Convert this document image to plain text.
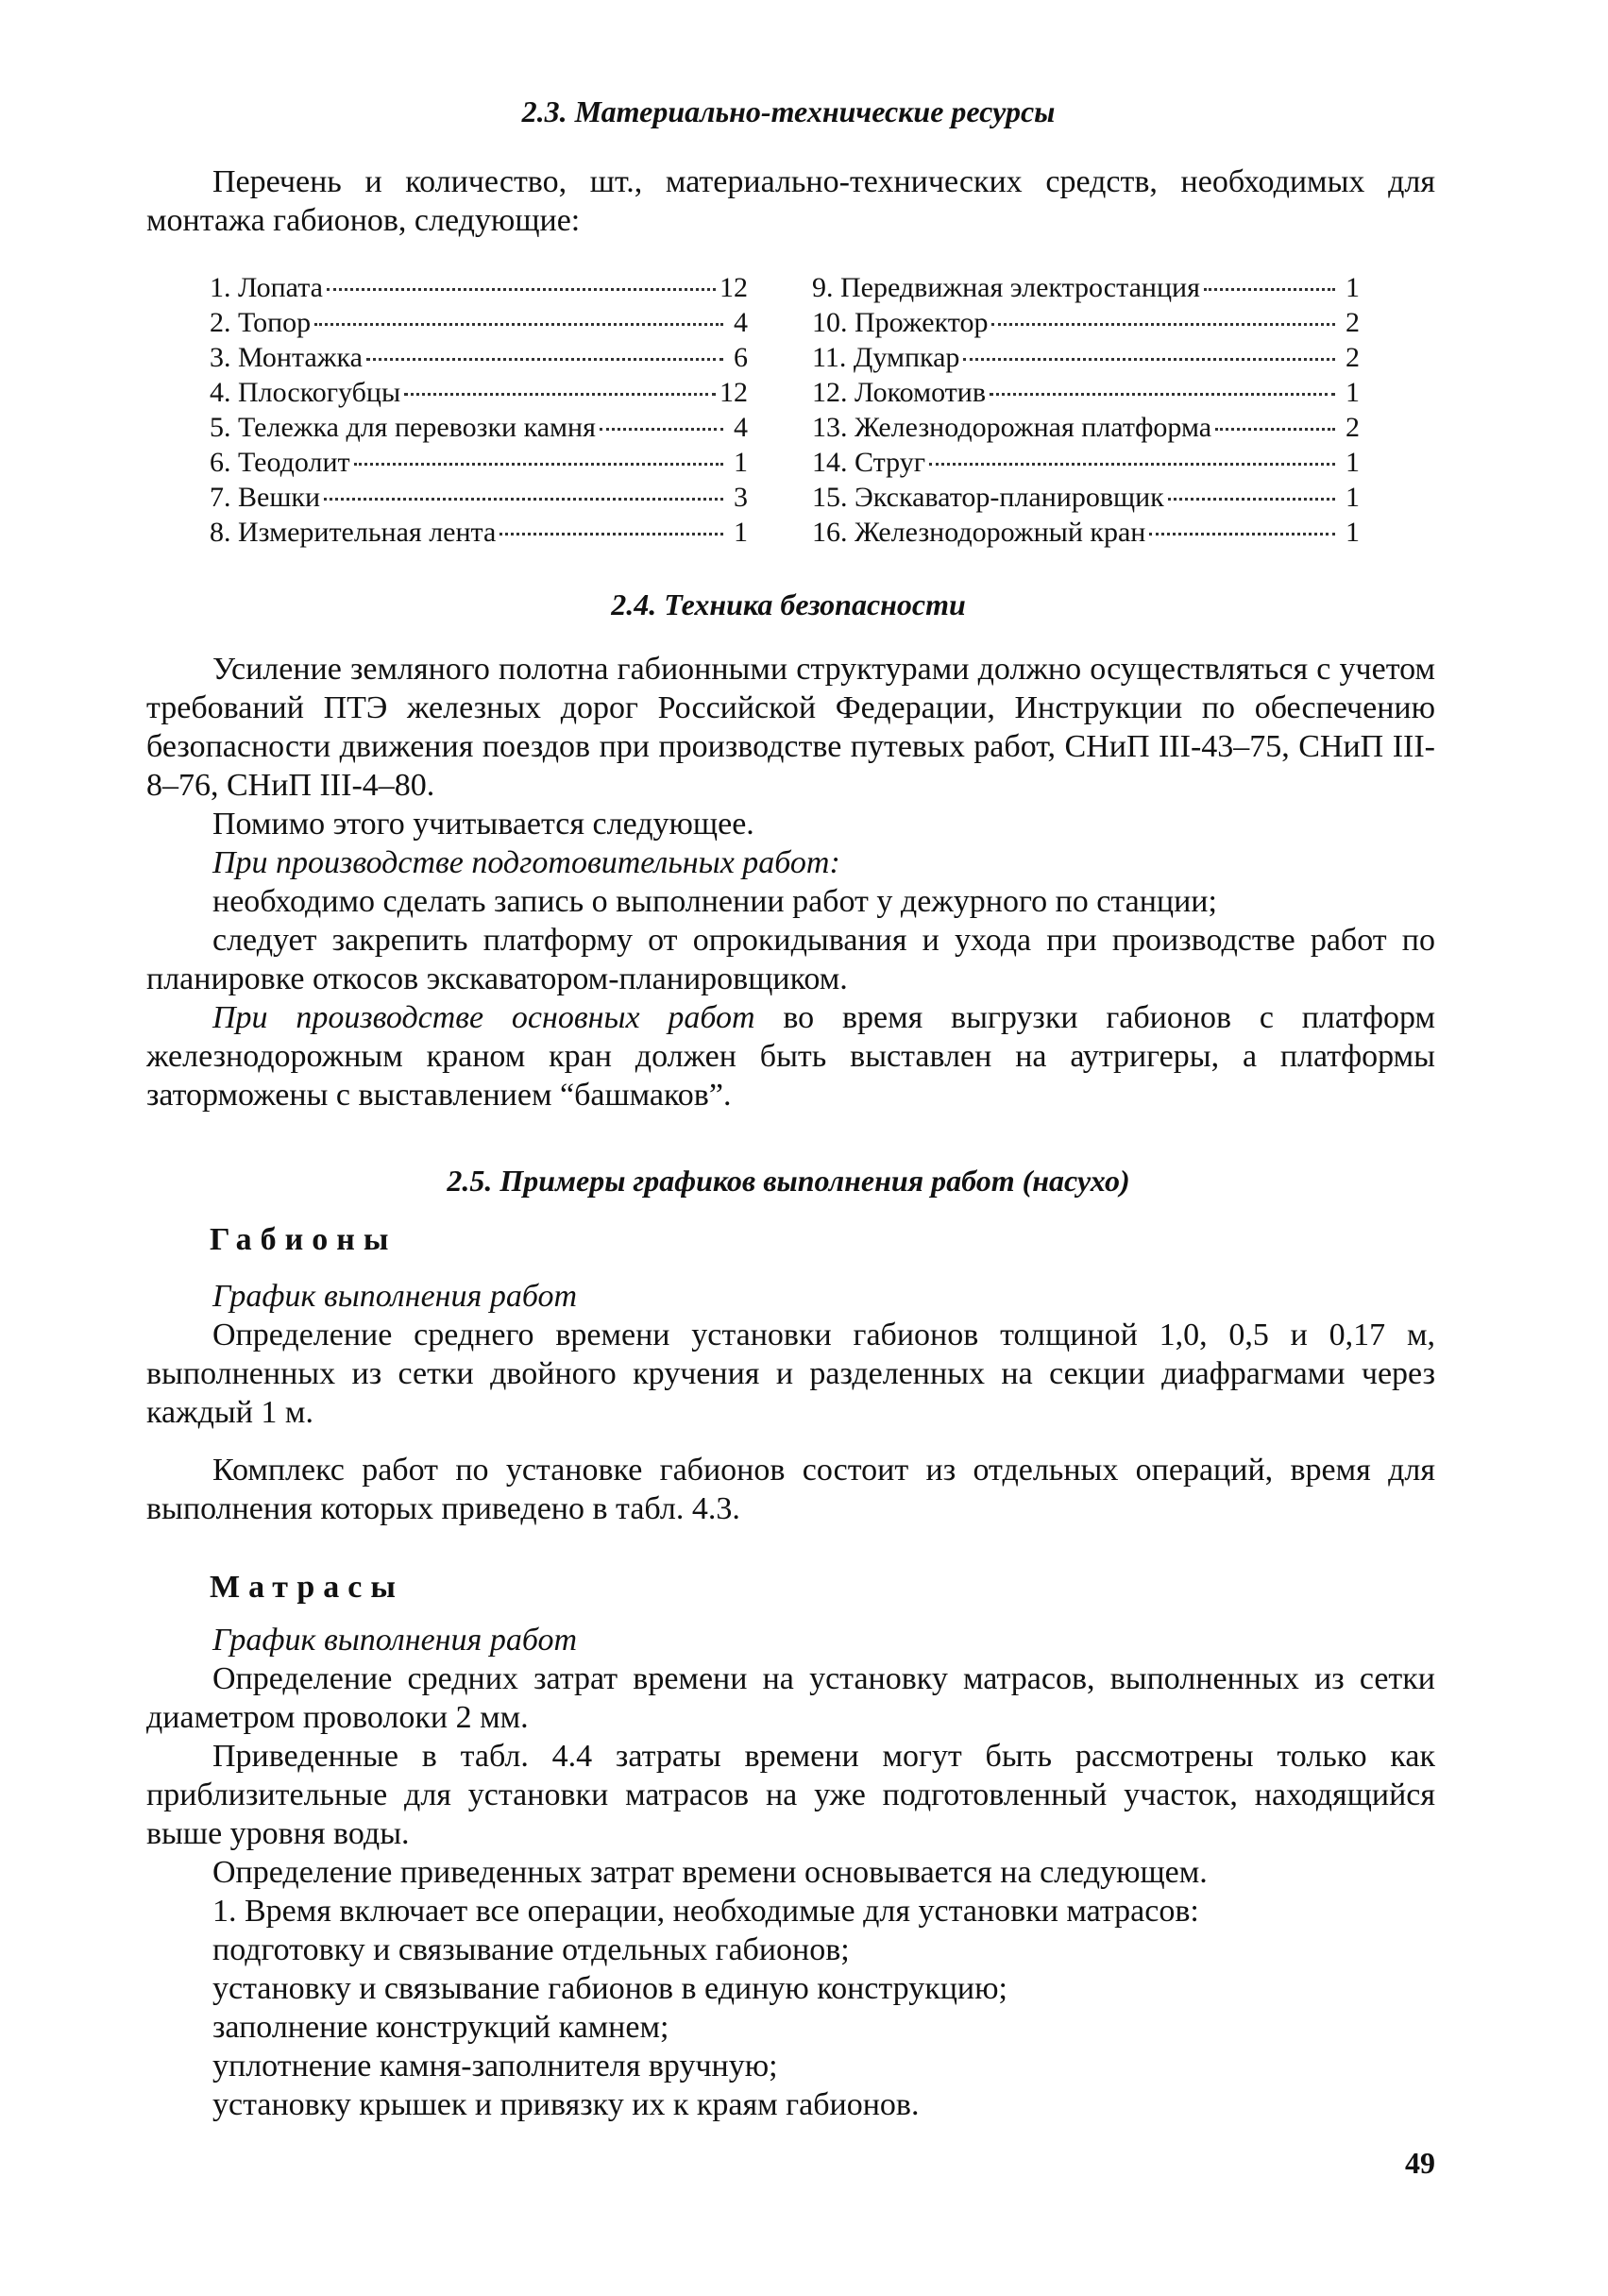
2.3. Материально-технические ресурсы

Перечень и количество, шт., материально-технических средств, необходимых для монтажа габионов, следующие:

1. Лопата	12
2. Топор	4
3. Монтажка	6
4. Плоскогубцы	12
5. Тележка для перевозки камня	4
6. Теодолит	1
7. Вешки	3
8. Измерительная лента	1
9. Передвижная электростанция	1
10. Прожектор	2
11. Думпкар	2
12. Локомотив	1
13. Железнодорожная платформа	2
14. Струг	1
15. Экскаватор-планировщик	1
16. Железнодорожный кран	1
2.4. Техника безопасности

Усиление земляного полотна габионными структурами должно осуществляться с учетом требований ПТЭ железных дорог Российской Федерации, Инструкции по обеспечению безопасности движения поездов при производстве путевых работ, СНиП III-43–75, СНиП III-8–76, СНиП III-4–80.

Помимо этого учитывается следующее.

При производстве подготовительных работ:

необходимо сделать запись о выполнении работ у дежурного по станции;

следует закрепить платформу от опрокидывания и ухода при производстве работ по планировке откосов экскаватором-планировщиком.

При производстве основных работ во время выгрузки габионов с платформ железнодорожным краном кран должен быть выставлен на аутригеры, а платформы заторможены с выставлением “башмаков”.

2.5. Примеры графиков выполнения работ (насухо)
Габионы

График выполнения работ

Определение среднего времени установки габионов толщиной 1,0, 0,5 и 0,17 м, выполненных из сетки двойного кручения и разделенных на секции диафрагмами через каждый 1 м.

Комплекс работ по установке габионов состоит из отдельных операций, время для выполнения которых приведено в табл. 4.3.

Матрасы

График выполнения работ

Определение средних затрат времени на установку матрасов, выполненных из сетки диаметром проволоки 2 мм.

Приведенные в табл. 4.4 затраты времени могут быть рассмотрены только как приблизительные для установки матрасов на уже подготовленный участок, находящийся выше уровня воды.

Определение приведенных затрат времени основывается на следующем.

1. Время включает все операции, необходимые для установки матрасов:

подготовку и связывание отдельных габионов;

установку и связывание габионов в единую конструкцию;

заполнение конструкций камнем;

уплотнение камня-заполнителя вручную;

установку крышек и привязку их к краям габионов.

49
